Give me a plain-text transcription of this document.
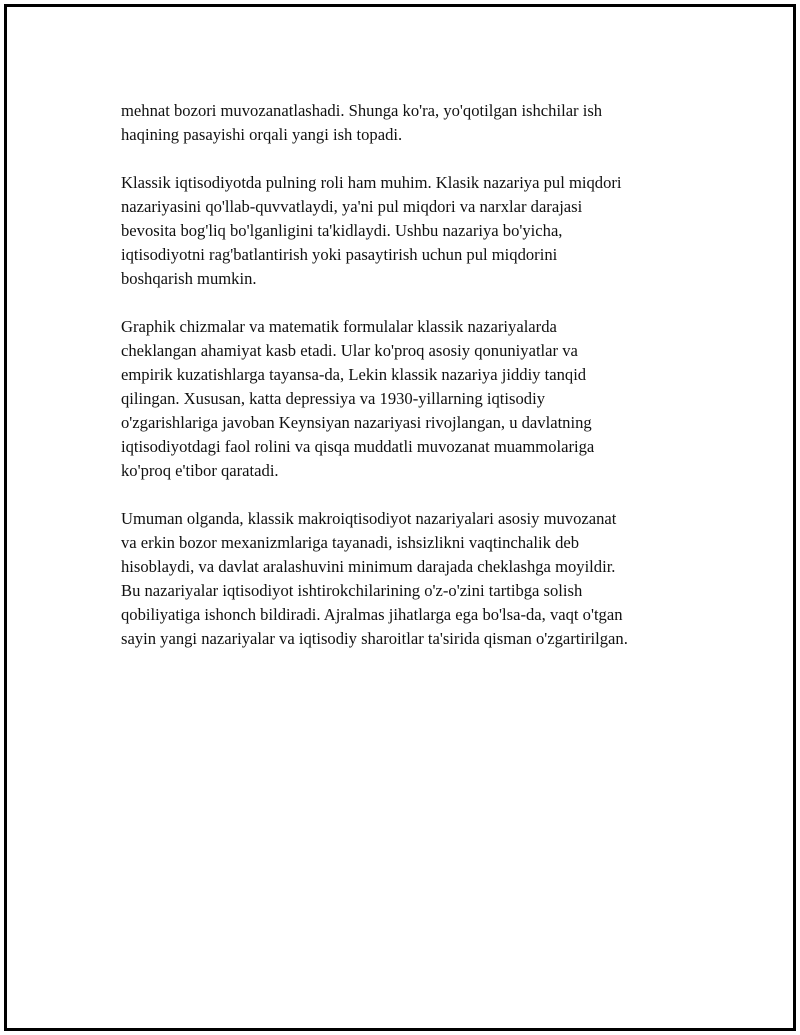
mehnat bozori muvozanatlashadi. Shunga ko'ra, yo'qotilgan ishchilar ish
haqining pasayishi orqali yangi ish topadi.

Klassik iqtisodiyotda pulning roli ham muhim. Klasik nazariya pul miqdori
nazariyasini qo'llab-quvvatlaydi, ya'ni pul miqdori va narxlar darajasi
bevosita bog'liq bo'lganligini ta'kidlaydi. Ushbu nazariya bo'yicha,
iqtisodiyotni rag'batlantirish yoki pasaytirish uchun pul miqdorini
boshqarish mumkin.

Graphik chizmalar va matematik formulalar klassik nazariyalarda
cheklangan ahamiyat kasb etadi. Ular ko'proq asosiy qonuniyatlar va
empirik kuzatishlarga tayansa-da, Lekin klassik nazariya jiddiy tanqid
qilingan. Xususan, katta depressiya va 1930-yillarning iqtisodiy
o'zgarishlariga javoban Keynsiyan nazariyasi rivojlangan, u davlatning
iqtisodiyotdagi faol rolini va qisqa muddatli muvozanat muammolariga
ko'proq e'tibor qaratadi.

Umuman olganda, klassik makroiqtisodiyot nazariyalari asosiy muvozanat
va erkin bozor mexanizmlariga tayanadi, ishsizlikni vaqtinchalik deb
hisoblaydi, va davlat aralashuvini minimum darajada cheklashga moyildir.
Bu nazariyalar iqtisodiyot ishtirokchilarining o'z-o'zini tartibga solish
qobiliyatiga ishonch bildiradi. Ajralmas jihatlarga ega bo'lsa-da, vaqt o'tgan
sayin yangi nazariyalar va iqtisodiy sharoitlar ta'sirida qisman o'zgartirilgan.
